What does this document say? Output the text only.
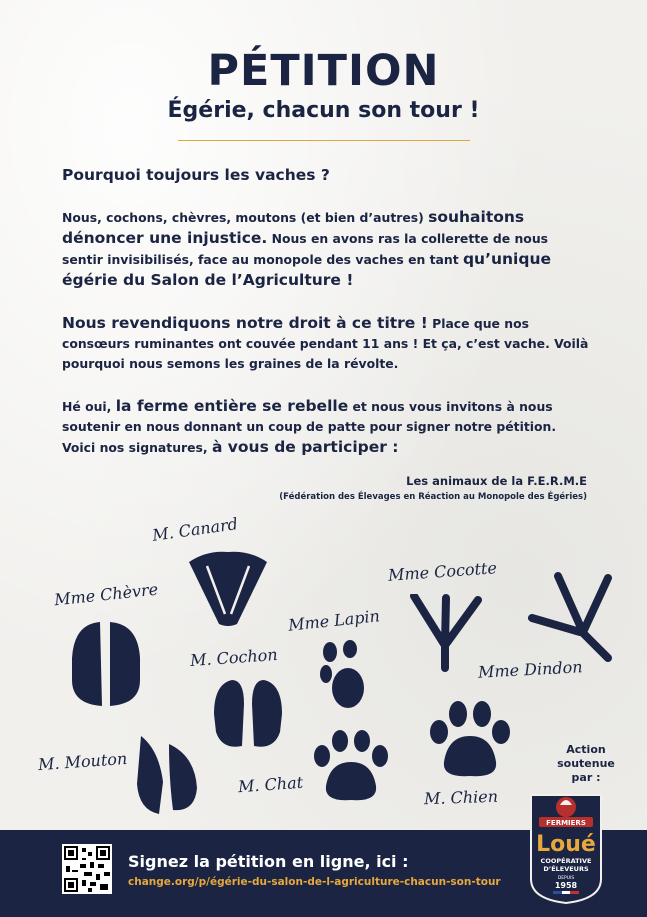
PÉTITION
Égérie, chacun son tour !
Pourquoi toujours les vaches ?
Nous, cochons, chèvres, moutons (et bien d’autres) souhaitons dénoncer une injustice. Nous en avons ras la collerette de nous sentir invisibilisés, face au monopole des vaches en tant qu’unique égérie du Salon de l’Agriculture !
Nous revendiquons notre droit à ce titre ! Place que nos consœurs ruminantes ont couvée pendant 11 ans ! Et ça, c’est vache. Voilà pourquoi nous semons les graines de la révolte.
Hé oui, la ferme entière se rebelle et nous vous invitons à nous soutenir en nous donnant un coup de patte pour signer notre pétition. Voici nos signatures, à vous de participer :
Les animaux de la F.E.R.M.E
(Fédération des Élevages en Réaction au Monopole des Égéries)
M. Canard
Mme Chèvre
Mme Cocotte
Mme Lapin
M. Cochon	Mme Dindon
M. Mouton
M. Chat
M. Chien
Action
soutenue par :
Signez la pétition en ligne, ici :
change.org/p/égérie-du-salon-de-l-agriculture-chacun-son-tour
FERMIERS
Loué
COOPÉRATIVE
D’ÉLEVEURS
DEPUIS
1958
